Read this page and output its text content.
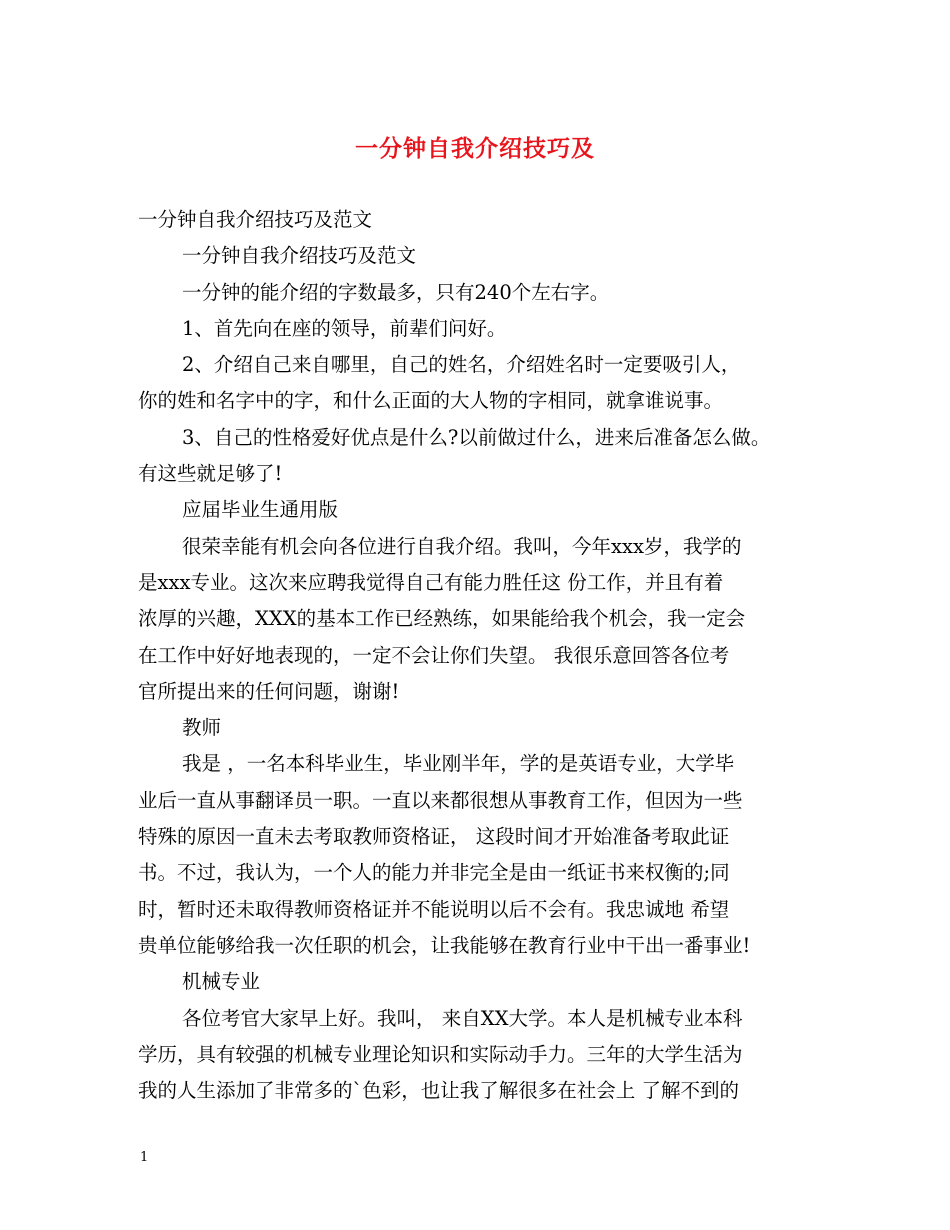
一分钟自我介绍技巧及
一分钟自我介绍技巧及范文
一分钟自我介绍技巧及范文
一分钟的能介绍的字数最多，只有240个左右字。
1、首先向在座的领导，前辈们问好。
2、介绍自己来自哪里，自己的姓名，介绍姓名时一定要吸引人，
你的姓和名字中的字，和什么正面的大人物的字相同，就拿谁说事。
3、自己的性格爱好优点是什么?以前做过什么，进来后准备怎么做。
有这些就足够了!
应届毕业生通用版
很荣幸能有机会向各位进行自我介绍。我叫，今年xxx岁，我学的
是xxx专业。这次来应聘我觉得自己有能力胜任这 份工作，并且有着
浓厚的兴趣，XXX的基本工作已经熟练，如果能给我个机会，我一定会
在工作中好好地表现的，一定不会让你们失望。 我很乐意回答各位考
官所提出来的任何问题，谢谢!
教师
我是 ，一名本科毕业生，毕业刚半年，学的是英语专业，大学毕
业后一直从事翻译员一职。一直以来都很想从事教育工作，但因为一些
特殊的原因一直未去考取教师资格证， 这段时间才开始准备考取此证
书。不过，我认为，一个人的能力并非完全是由一纸证书来权衡的;同
时，暂时还未取得教师资格证并不能说明以后不会有。我忠诚地 希望
贵单位能够给我一次任职的机会，让我能够在教育行业中干出一番事业!
机械专业
各位考官大家早上好。我叫， 来自XX大学。本人是机械专业本科
学历，具有较强的机械专业理论知识和实际动手力。三年的大学生活为
我的人生添加了非常多的`色彩，也让我了解很多在社会上 了解不到的
1
